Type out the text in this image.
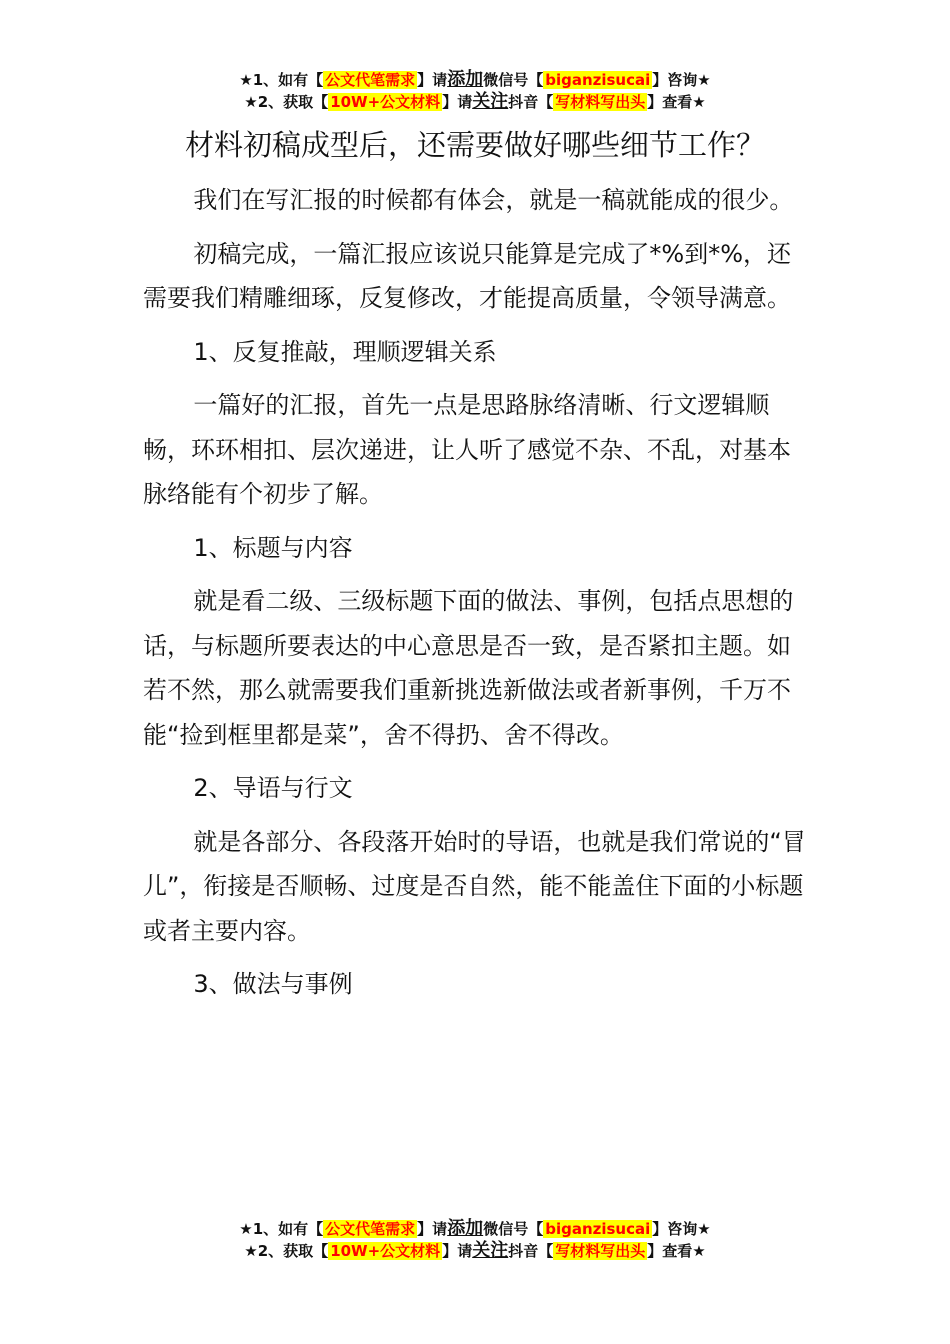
★1、如有【 公文代笔需求 】请添加微信号【 biganzisucai 】咨询★
★2、获取【 10W+公文材料 】请关注抖音【 写材料写出头 】查看★
材料初稿成型后，还需要做好哪些细节工作？

我们在写汇报的时候都有体会，就是一稿就能成的很少。

初稿完成，一篇汇报应该说只能算是完成了*%到*%，还需要我们精雕细琢，反复修改，才能提高质量，令领导满意。

1、反复推敲，理顺逻辑关系

一篇好的汇报，首先一点是思路脉络清晰、行文逻辑顺畅，环环相扣、层次递进，让人听了感觉不杂、不乱，对基本脉络能有个初步了解。

1、标题与内容

就是看二级、三级标题下面的做法、事例，包括点思想的话，与标题所要表达的中心意思是否一致，是否紧扣主题。如若不然，那么就需要我们重新挑选新做法或者新事例，千万不能“捡到框里都是菜”，舍不得扔、舍不得改。

2、导语与行文

就是各部分、各段落开始时的导语，也就是我们常说的“冒儿”，衔接是否顺畅、过度是否自然，能不能盖住下面的小标题或者主要内容。

3、做法与事例

★1、如有【 公文代笔需求 】请添加微信号【 biganzisucai 】咨询★
★2、获取【 10W+公文材料 】请关注抖音【 写材料写出头 】查看★
